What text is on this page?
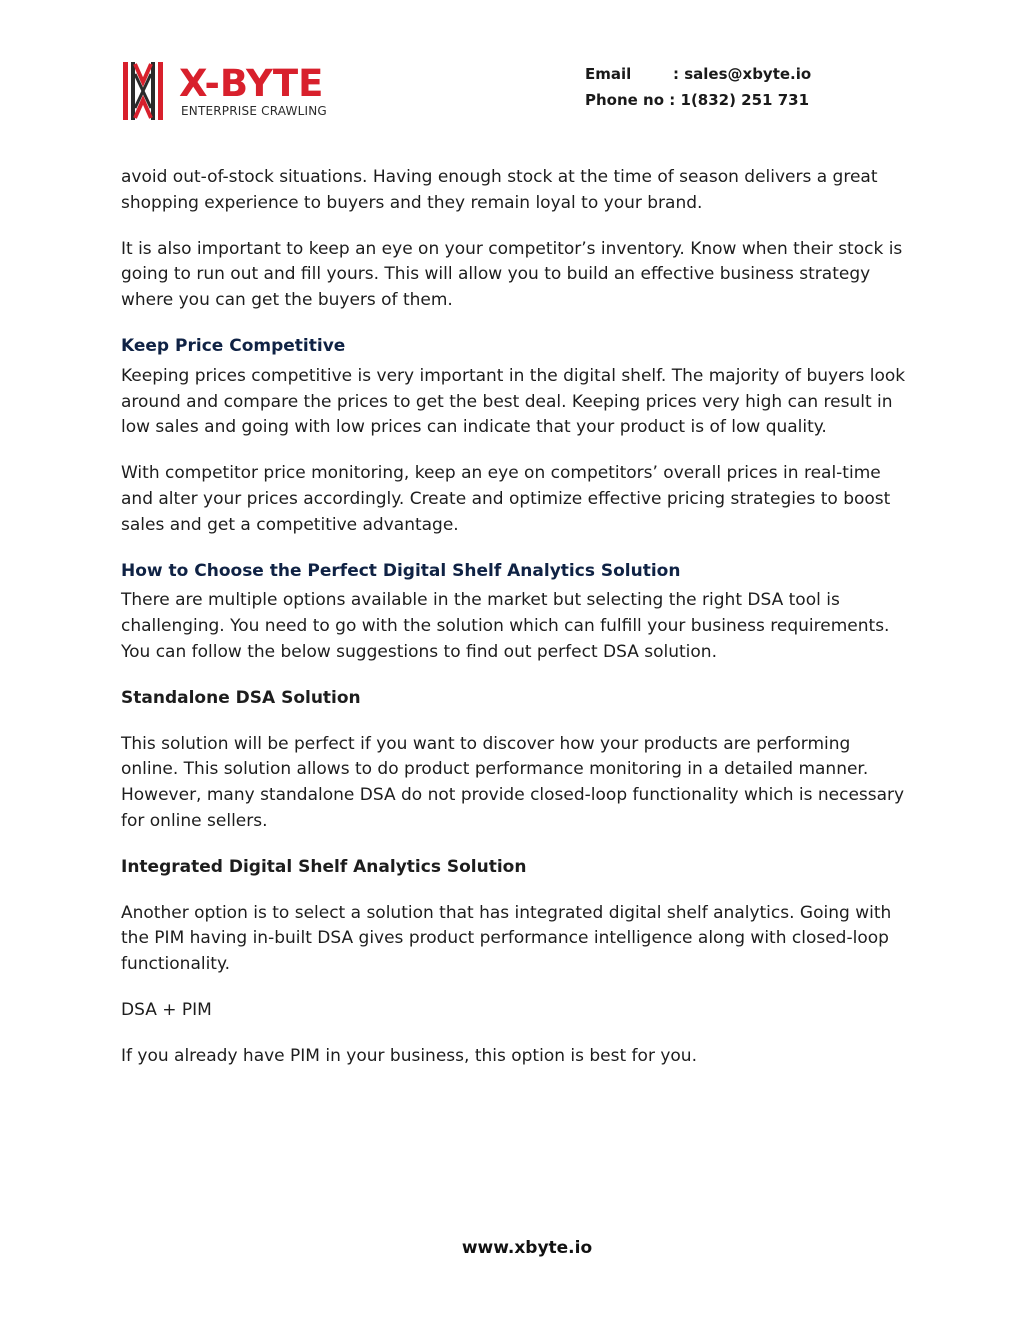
X-BYTE
ENTERPRISE CRAWLING
Email	: sales@xbyte.io
Phone no : 1(832) 251 731

avoid out-of-stock situations. Having enough stock at the time of season delivers a great shopping experience to buyers and they remain loyal to your brand.

It is also important to keep an eye on your competitor’s inventory. Know when their stock is going to run out and fill yours. This will allow you to build an effective business strategy where you can get the buyers of them.

Keep Price Competitive

Keeping prices competitive is very important in the digital shelf. The majority of buyers look around and compare the prices to get the best deal. Keeping prices very high can result in low sales and going with low prices can indicate that your product is of low quality.

With competitor price monitoring, keep an eye on competitors’ overall prices in real-time and alter your prices accordingly. Create and optimize effective pricing strategies to boost sales and get a competitive advantage.

How to Choose the Perfect Digital Shelf Analytics Solution

There are multiple options available in the market but selecting the right DSA tool is challenging. You need to go with the solution which can fulfill your business requirements. You can follow the below suggestions to find out perfect DSA solution.

Standalone DSA Solution

This solution will be perfect if you want to discover how your products are performing online. This solution allows to do product performance monitoring in a detailed manner. However, many standalone DSA do not provide closed-loop functionality which is necessary for online sellers.

Integrated Digital Shelf Analytics Solution

Another option is to select a solution that has integrated digital shelf analytics. Going with the PIM having in-built DSA gives product performance intelligence along with closed-loop functionality.

DSA + PIM

If you already have PIM in your business, this option is best for you.

www.xbyte.io
